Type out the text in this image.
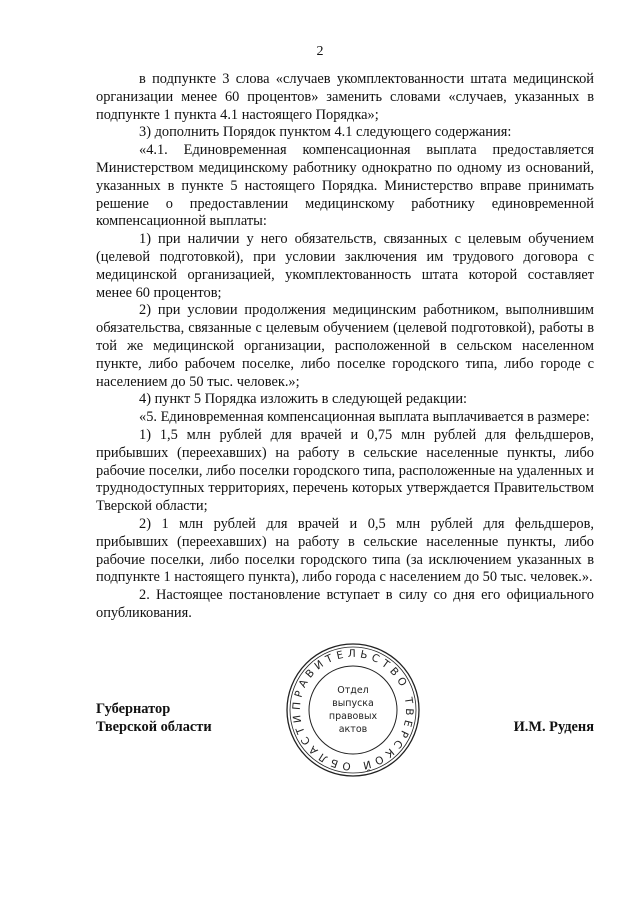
2

в подпункте 3 слова «случаев укомплектованности штата медицинской организации менее 60 процентов» заменить словами «случаев, указанных в подпункте 1 пункта 4.1 настоящего Порядка»;

3) дополнить Порядок пунктом 4.1 следующего содержания:

«4.1. Единовременная компенсационная выплата предоставляется Министерством медицинскому работнику однократно по одному из оснований, указанных в пункте 5 настоящего Порядка. Министерство вправе принимать решение о предоставлении медицинскому работнику единовременной компенсационной выплаты:

1) при наличии у него обязательств, связанных с целевым обучением (целевой подготовкой), при условии заключения им трудового договора с медицинской организацией, укомплектованность штата которой составляет менее 60 процентов;

2) при условии продолжения медицинским работником, выполнившим обязательства, связанные с целевым обучением (целевой подготовкой), работы в той же медицинской организации, расположенной в сельском населенном пункте, либо рабочем поселке, либо поселке городского типа, либо городе с населением до 50 тыс. человек.»;

4) пункт 5 Порядка изложить в следующей редакции:

«5. Единовременная компенсационная выплата выплачивается в размере:

1) 1,5 млн рублей для врачей и 0,75 млн рублей для фельдшеров, прибывших (переехавших) на работу в сельские населенные пункты, либо рабочие поселки, либо поселки городского типа, расположенные на удаленных и труднодоступных территориях, перечень которых утверждается Правительством Тверской области;

2) 1 млн рублей для врачей и 0,5 млн рублей для фельдшеров, прибывших (переехавших) на работу в сельские населенные пункты, либо рабочие поселки, либо поселки городского типа (за исключением указанных в подпункте 1 настоящего пункта), либо города с населением до 50 тыс. человек.».

2. Настоящее постановление вступает в силу со дня его официального опубликования.

Губернатор
Тверской области	И.М. Руденя
ПРАВИТЕЛЬСТВО ТВЕРСКОЙ ОБЛАСТИ
Отдел
выпуска
правовых
актов
